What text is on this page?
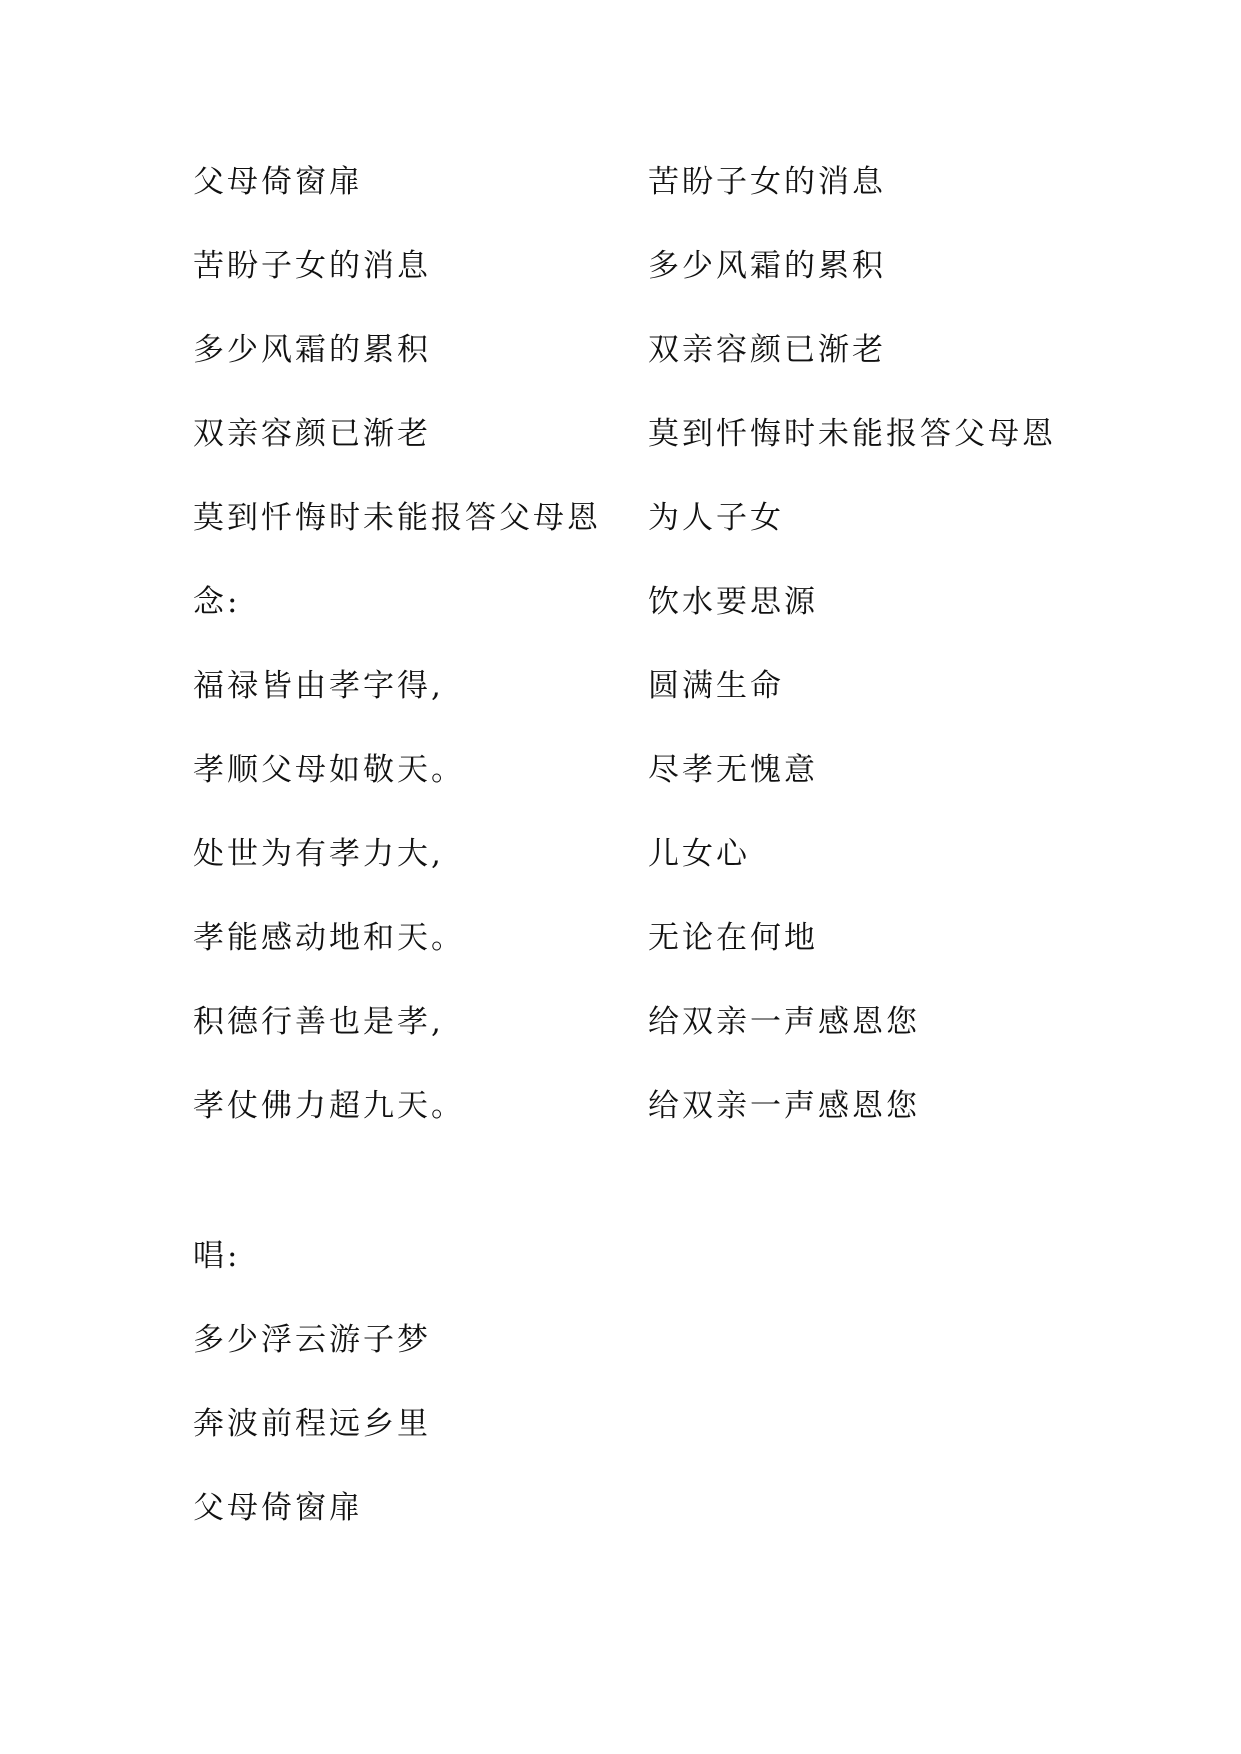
父母倚窗扉
苦盼子女的消息
多少风霜的累积
双亲容颜已渐老
莫到忏悔时未能报答父母恩
念:
福禄皆由孝字得,
孝顺父母如敬天。
处世为有孝力大,
孝能感动地和天。
积德行善也是孝,
孝仗佛力超九天。
唱:
多少浮云游子梦
奔波前程远乡里
父母倚窗扉
苦盼子女的消息
多少风霜的累积
双亲容颜已渐老
莫到忏悔时未能报答父母恩
为人子女
饮水要思源
圆满生命
尽孝无愧意
儿女心
无论在何地
给双亲一声感恩您
给双亲一声感恩您
